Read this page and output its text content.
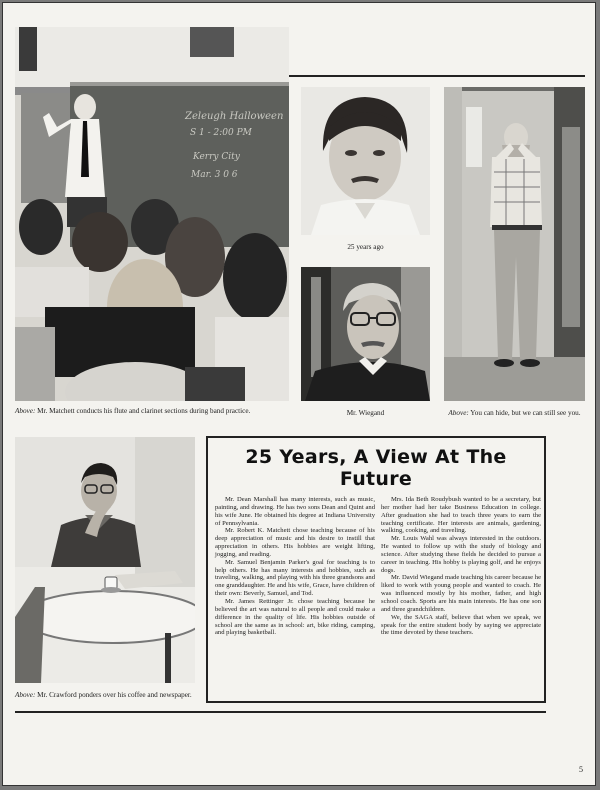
Zeleugh Halloween
S 1 - 2:00 PM
Kerry City
Mar. 3 0 6
Above: Mr. Matchett conducts his flute and clarinet sections during band practice.
25 years ago
Mr. Wiegand	Above: You can hide, but we can still see you.
Above: Mr. Crawford ponders over his coffee and newspaper.
25 Years, A View At The Future

Mr. Dean Marshall has many interests, such as music, painting, and drawing. He has two sons Dean and Quint and his wife June. He obtained his degree at Indiana University of Pennsylvania.

Mr. Robert K. Matchett chose teaching because of his deep appreciation of music and his desire to instill that appreciation in others. His hobbies are weight lifting, jogging, and reading.

Mr. Samuel Benjamin Parker's goal for teaching is to help others. He has many interests and hobbies, such as traveling, walking, and playing with his three grandsons and one granddaughter. He and his wife, Grace, have children of their own: Beverly, Samuel, and Tod.

Mr. James Rettinger Jr. chose teaching because he believed the art was natural to all people and could make a difference in the quality of life. His hobbies outside of school are the same as in school: art, bike riding, camping, and playing basketball.

Mrs. Ida Beth Roudybush wanted to be a secretary, but her mother had her take Business Education in college. After graduation she had to teach three years to earn the teaching certificate. Her interests are animals, gardening, walking, cooking, and traveling.

Mr. Louis Wahl was always interested in the outdoors. He wanted to follow up with the study of biology and science. After studying these fields he decided to pursue a career in teaching. His hobby is playing golf, and he enjoys dogs.

Mr. David Wiegand made teaching his career because he liked to work with young people and wanted to coach. He was influenced mostly by his mother, father, and high school coach. Sports are his main interests. He has one son and three grandchildren.

We, the SAGA staff, believe that when we speak, we speak for the entire student body by saying we appreciate the time devoted by these teachers.

5
